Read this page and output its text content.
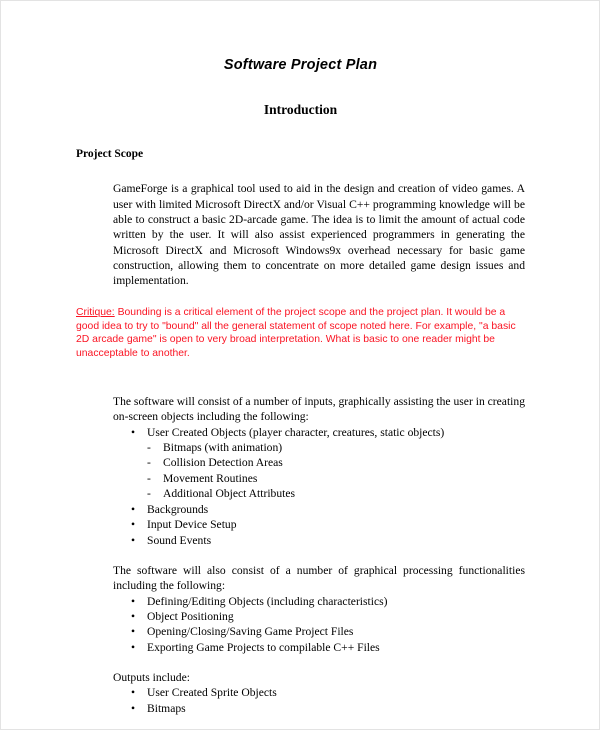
Software Project Plan
Introduction
Project Scope

GameForge is a graphical tool used to aid in the design and creation of video games. A user with limited Microsoft DirectX and/or Visual C++ programming knowledge will be able to construct a basic 2D-arcade game. The idea is to limit the amount of actual code written by the user. It will also assist experienced programmers in generating the Microsoft DirectX and Microsoft Windows9x overhead necessary for basic game construction, allowing them to concentrate on more detailed game design issues and implementation.

Critique: Bounding is a critical element of the project scope and the project plan. It would be a good idea to try to "bound" all the general statement of scope noted here. For example, "a basic 2D arcade game" is open to very broad interpretation. What is basic to one reader might be unacceptable to another.

The software will consist of a number of inputs, graphically assisting the user in creating on-screen objects including the following:

• User Created Objects (player character, creatures, static objects)
- Bitmaps (with animation)
- Collision Detection Areas
- Movement Routines
- Additional Object Attributes
• Backgrounds
• Input Device Setup
• Sound Events

The software will also consist of a number of graphical processing functionalities including the following:

• Defining/Editing Objects (including characteristics)
• Object Positioning
• Opening/Closing/Saving Game Project Files
• Exporting Game Projects to compilable C++ Files

Outputs include:

• User Created Sprite Objects
• Bitmaps
